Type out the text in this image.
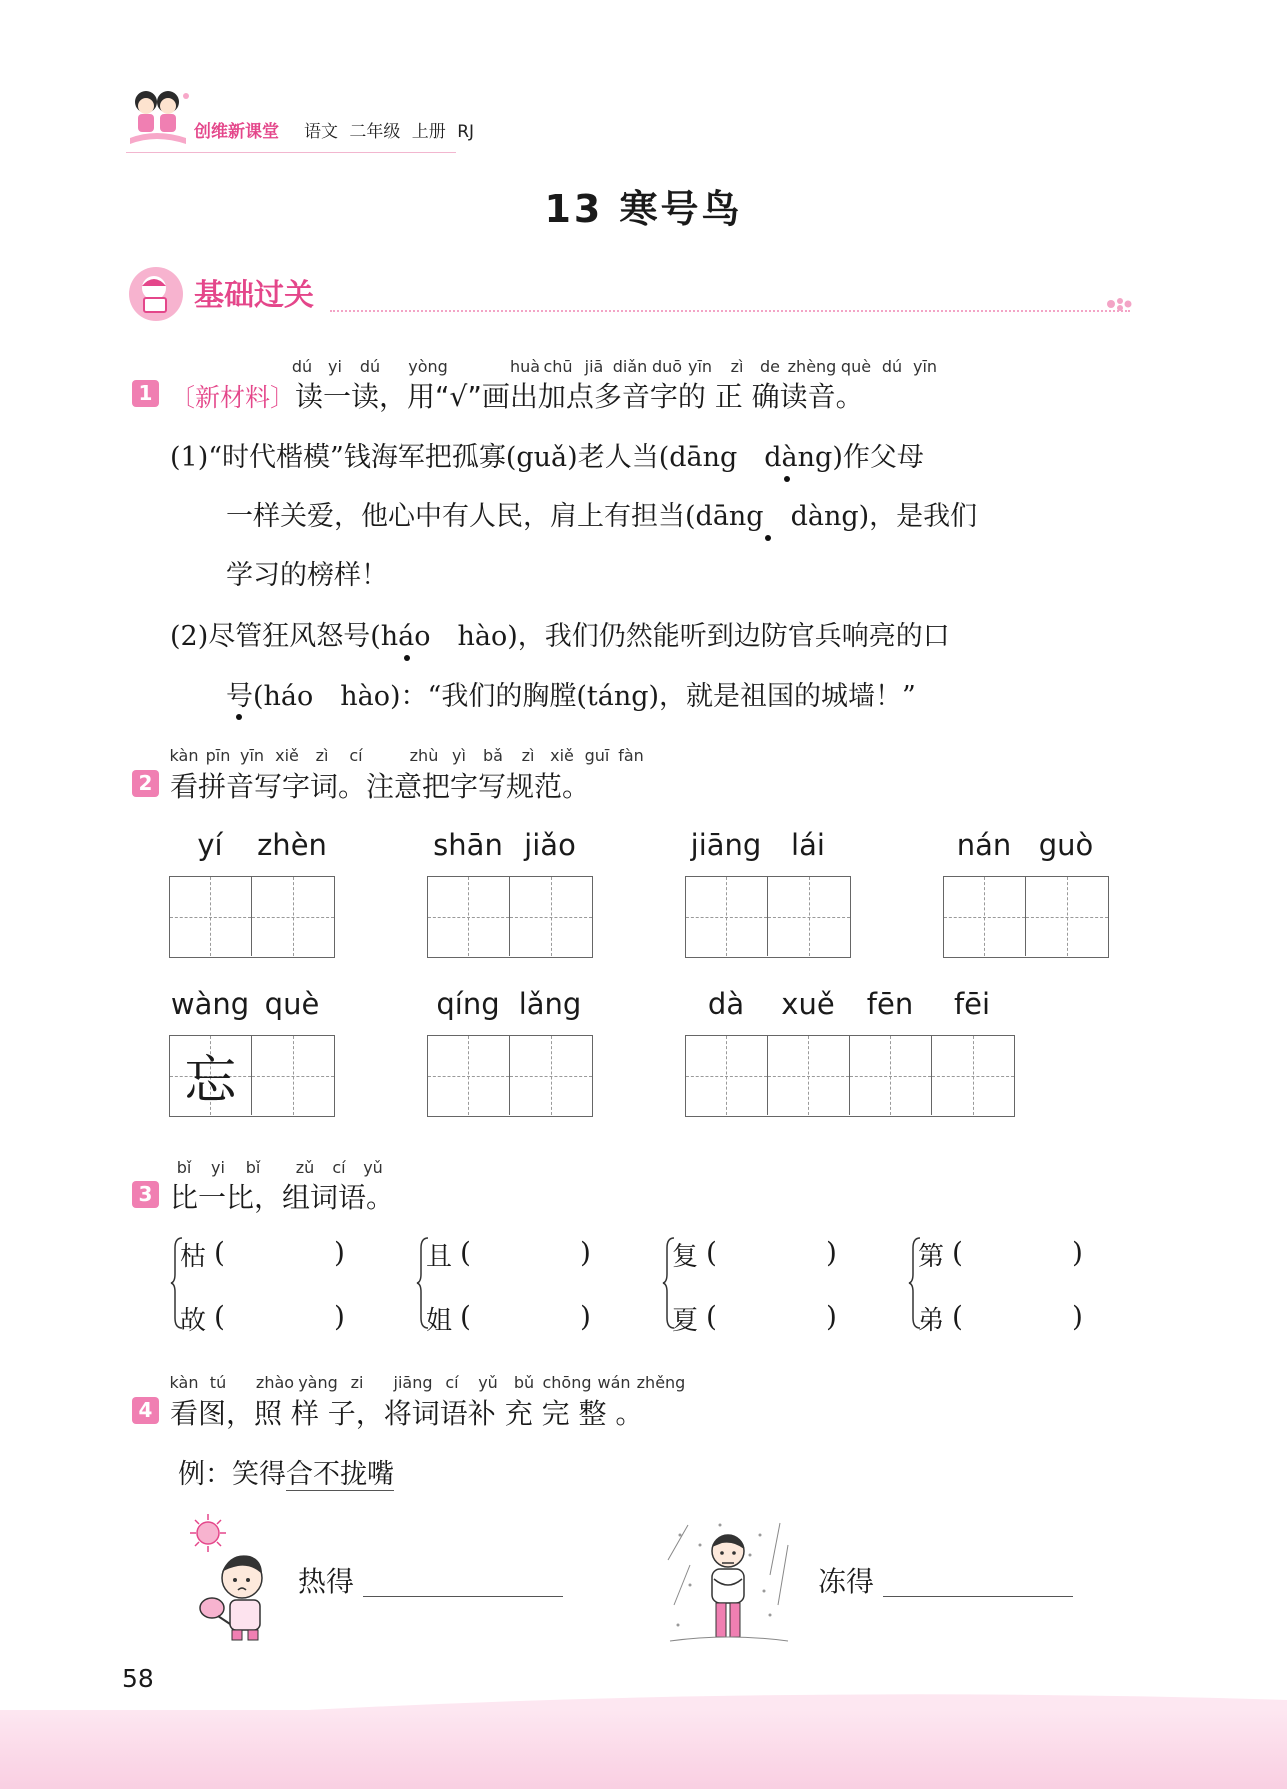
创维新课堂 语文 二年级 上册 RJ
13 寒号鸟
基础过关
dú yi dú yòng	huà chū jiā diǎn duō yīn zì de zhèng què dú yīn
1 〔新材料〕读一读，用“√”画出加点多音字的 正 确读音。
(1)“时代楷模”钱海军把孤寡(guǎ)老人当(dāng　dàng)作父母
一样关爱，他心中有人民，肩上有担当(dāng　dàng)，是我们
学习的榜样！
(2)尽管狂风怒号(háo　hào)，我们仍然能听到边防官兵响亮的口
号(háo　hào)：“我们的胸膛(táng)，就是祖国的城墙！”
kàn pīn yīn xiě zì cí	zhù yì bǎ zì xiě guī fàn
2 看拼音写字词。注意把字写规范。
yí zhèn	shān jiǎo	jiāng lái	nán guò
wàng què
忘
qíng lǎng	dà xuě fēn fēi
bǐ yi bǐ zǔ cí yǔ
3 比一比，组词语。
枯 (	)
故 (	)
且 (	)
姐 (	)
复 (	)
夏 (	)
第 (	)
弟 (	)
kàn tú zhào yàng zi jiāng cí yǔ bǔ chōng wán zhěng
4 看图，照 样 子，将词语补 充 完 整 。
例：笑得合不拢嘴
热得	冻得
58
